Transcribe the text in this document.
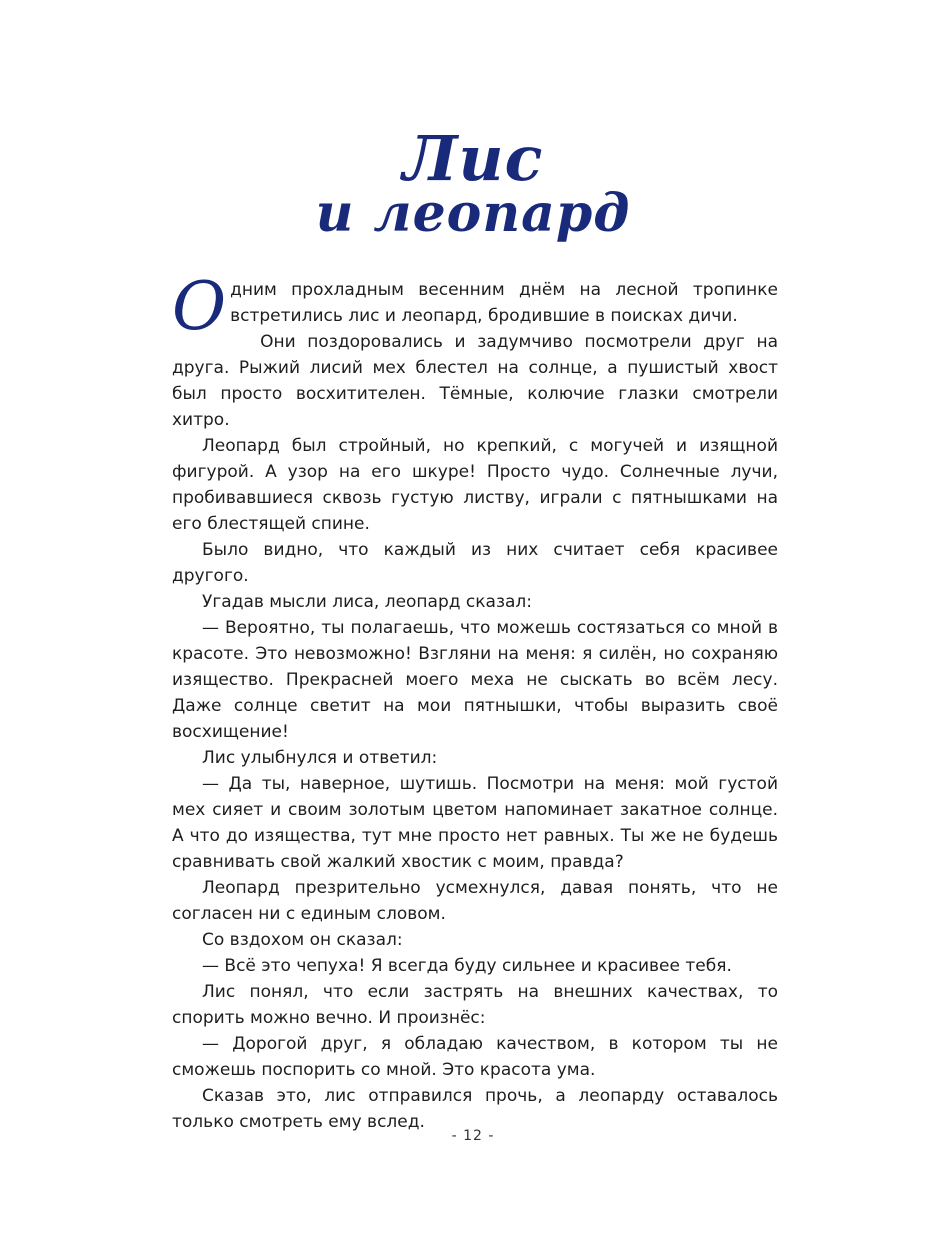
Лис
и леопард

Одним прохладным весенним днём на лесной тропинке встретились лис и леопард, бродившие в поисках дичи.

Они поздоровались и задумчиво посмотрели друг на друга. Рыжий лисий мех блестел на солнце, а пушистый хвост был просто восхитителен. Тёмные, колючие глазки смотрели хитро.

Леопард был стройный, но крепкий, с могучей и изящной фигурой. А узор на его шкуре! Просто чудо. Солнечные лучи, пробивавшиеся сквозь густую листву, играли с пятнышками на его блестящей спине.

Было видно, что каждый из них считает себя красивее другого.

Угадав мысли лиса, леопард сказал:

— Вероятно, ты полагаешь, что можешь состязаться со мной в красоте. Это невозможно! Взгляни на меня: я силён, но сохраняю изящество. Прекрасней моего меха не сыскать во всём лесу. Даже солнце светит на мои пятнышки, чтобы выразить своё восхищение!

Лис улыбнулся и ответил:

— Да ты, наверное, шутишь. Посмотри на меня: мой густой мех сияет и своим золотым цветом напоминает закатное солнце. А что до изящества, тут мне просто нет равных. Ты же не будешь сравнивать свой жалкий хвостик с моим, правда?

Леопард презрительно усмехнулся, давая понять, что не согласен ни с единым словом.

Со вздохом он сказал:

— Всё это чепуха! Я всегда буду сильнее и красивее тебя.

Лис понял, что если застрять на внешних качествах, то спорить можно вечно. И произнёс:

— Дорогой друг, я обладаю качеством, в котором ты не сможешь поспорить со мной. Это красота ума.

Сказав это, лис отправился прочь, а леопарду оставалось только смотреть ему вслед.

- 12 -
